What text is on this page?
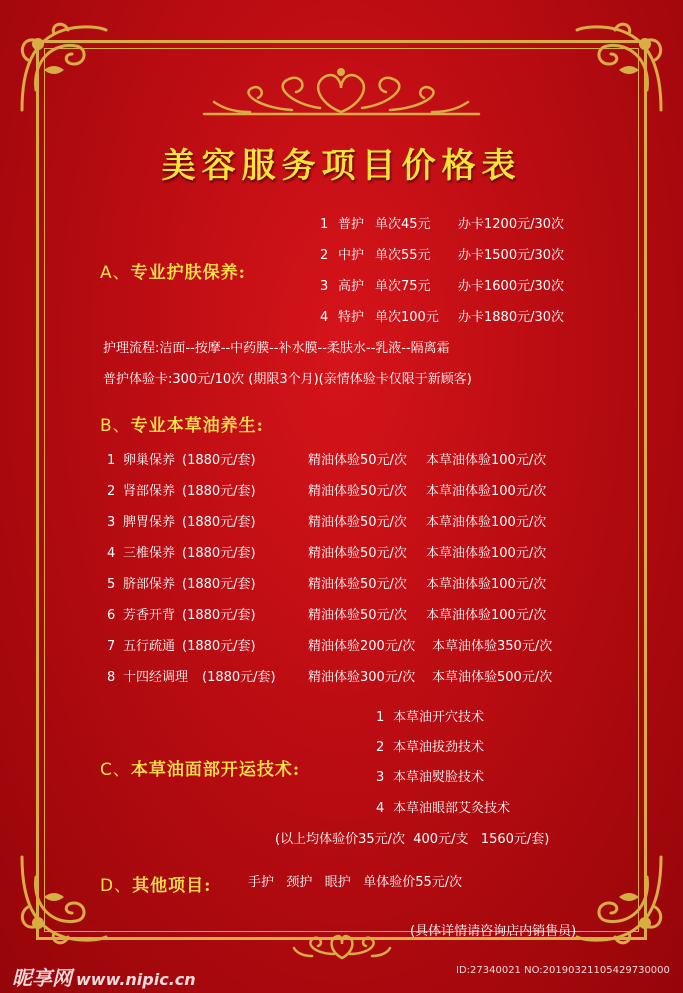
美容服务项目价格表
A、专业护肤保养:
1 普护 单次45元 办卡1200元/30次
2 中护 单次55元 办卡1500元/30次
3 高护 单次75元 办卡1600元/30次
4 特护 单次100元 办卡1880元/30次
护理流程:洁面--按摩--中药膜--补水膜--柔肤水--乳液--隔离霜
普护体验卡:300元/10次 (期限3个月)(亲情体验卡仅限于新顾客)
B、专业本草油养生:
1 卵巢保养 (1880元/套)	精油体验50元/次 本草油体验100元/次
2 肾部保养 (1880元/套)	精油体验50元/次 本草油体验100元/次
3 脾胃保养 (1880元/套)	精油体验50元/次 本草油体验100元/次
4 三椎保养 (1880元/套)	精油体验50元/次 本草油体验100元/次
5 脐部保养 (1880元/套)	精油体验50元/次 本草油体验100元/次
6 芳香开背 (1880元/套)	精油体验50元/次 本草油体验100元/次
7 五行疏通 (1880元/套)	精油体验200元/次 本草油体验350元/次
8 十四经调理 (1880元/套) 精油体验300元/次 本草油体验500元/次
C、本草油面部开运技术:
1 本草油开穴技术
2 本草油拔劲技术
3 本草油熨脸技术
4 本草油眼部艾灸技术
(以上均体验价35元/次  400元/支   1560元/套)
D、其他项目:	手护   颈护   眼护   单体验价55元/次
(具体详情请咨询店内销售员)
昵享网 www.nipic.cn	ID:27340021 NO:20190321105429730000
